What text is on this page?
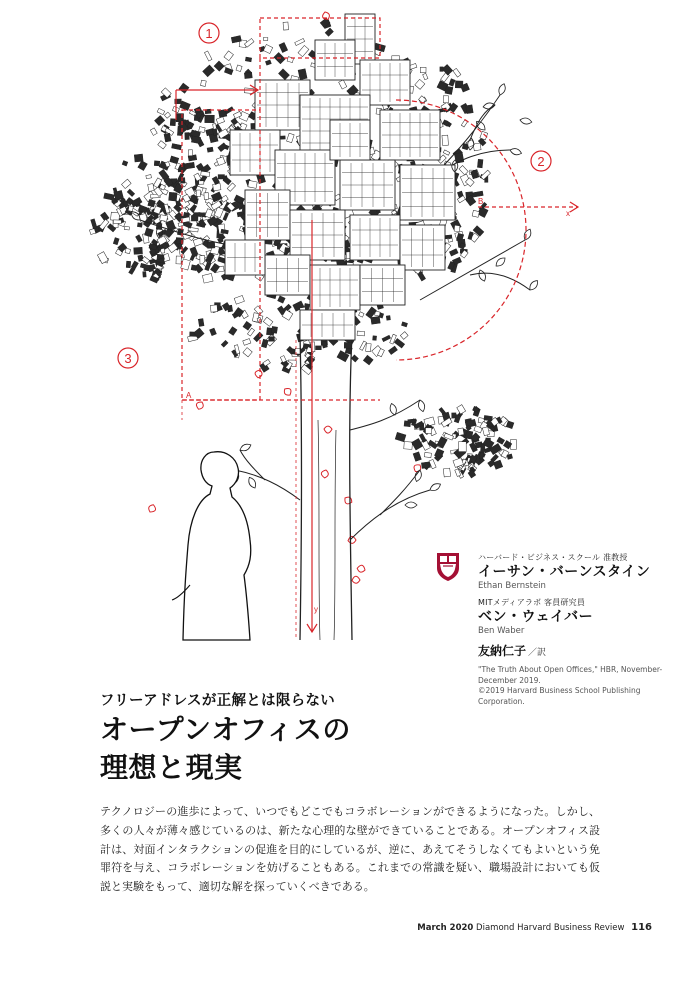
1
2
3
A
B
x
y
ハーバード・ビジネス・スクール 准教授
イーサン・バーンスタイン
Ethan Bernstein
MITメディアラボ 客員研究員
ベン・ウェイバー
Ben Waber
友納仁子 ／訳
"The Truth About Open Offices," HBR, November-December 2019.
©2019 Harvard Business School Publishing Corporation.
フリーアドレスが正解とは限らない
オープンオフィスの
理想と現実

テクノロジーの進歩によって、いつでもどこでもコラボレーションができるようになった。しかし、多くの人々が薄々感じているのは、新たな心理的な壁ができていることである。オープンオフィス設計は、対面インタラクションの促進を目的にしているが、逆に、あえてそうしなくてもよいという免罪符を与え、コラボレーションを妨げることもある。これまでの常識を疑い、職場設計においても仮説と実験をもって、適切な解を探っていくべきである。

March 2020 Diamond Harvard Business Review 116
